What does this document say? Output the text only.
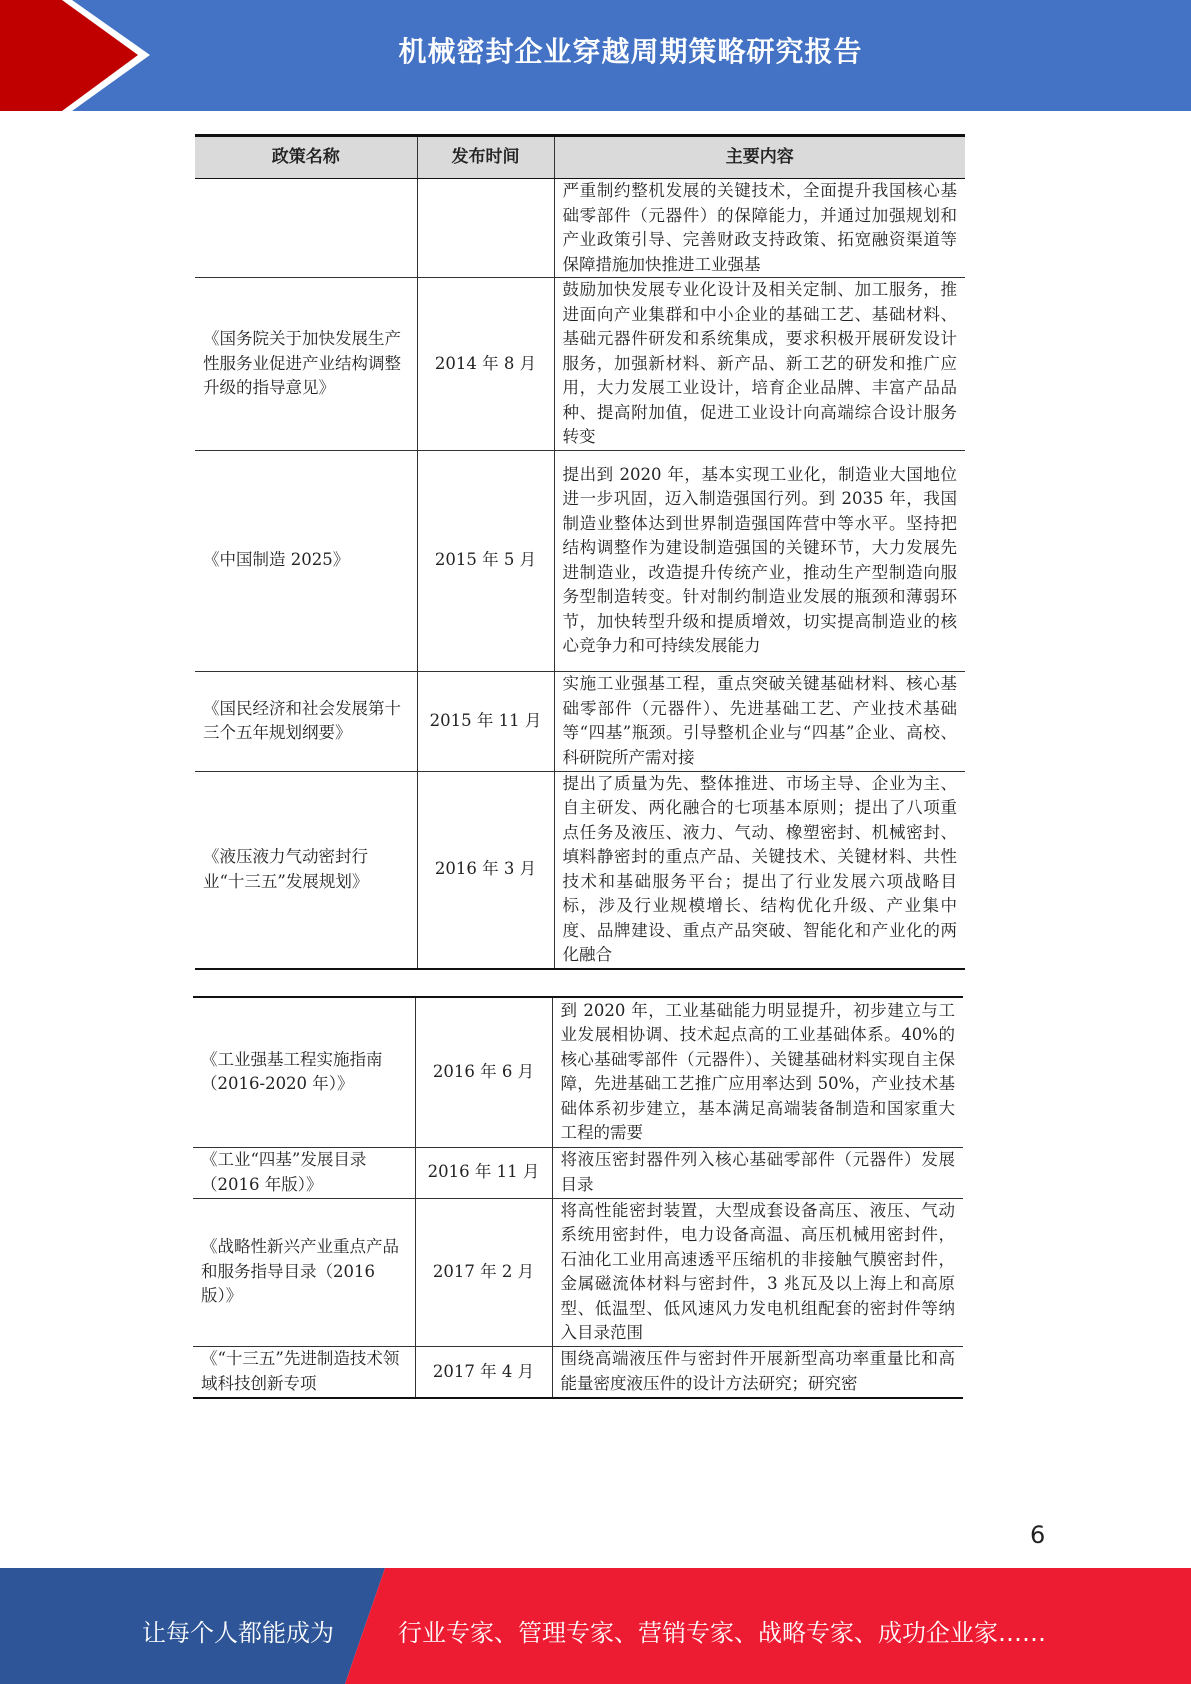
机械密封企业穿越周期策略研究报告
政策名称	发布时间	主要内容
		严重制约整机发展的关键技术，全面提升我国核心基础零部件（元器件）的保障能力，并通过加强规划和产业政策引导、完善财政支持政策、拓宽融资渠道等保障措施加快推进工业强基
《国务院关于加快发展生产性服务业促进产业结构调整升级的指导意见》	2014 年 8 月	鼓励加快发展专业化设计及相关定制、加工服务，推进面向产业集群和中小企业的基础工艺、基础材料、基础元器件研发和系统集成，要求积极开展研发设计服务，加强新材料、新产品、新工艺的研发和推广应用，大力发展工业设计，培育企业品牌、丰富产品品种、提高附加值，促进工业设计向高端综合设计服务转变
《中国制造 2025》	2015 年 5 月	提出到 2020 年，基本实现工业化，制造业大国地位进一步巩固，迈入制造强国行列。到 2035 年，我国制造业整体达到世界制造强国阵营中等水平。坚持把结构调整作为建设制造强国的关键环节，大力发展先进制造业，改造提升传统产业，推动生产型制造向服务型制造转变。针对制约制造业发展的瓶颈和薄弱环节，加快转型升级和提质增效，切实提高制造业的核心竞争力和可持续发展能力
《国民经济和社会发展第十三个五年规划纲要》	2015 年 11 月	实施工业强基工程，重点突破关键基础材料、核心基础零部件（元器件）、先进基础工艺、产业技术基础等“四基”瓶颈。引导整机企业与“四基”企业、高校、科研院所产需对接
《液压液力气动密封行业“十三五”发展规划》	2016 年 3 月	提出了质量为先、整体推进、市场主导、企业为主、自主研发、两化融合的七项基本原则；提出了八项重点任务及液压、液力、气动、橡塑密封、机械密封、填料静密封的重点产品、关键技术、关键材料、共性技术和基础服务平台；提出了行业发展六项战略目标，涉及行业规模增长、结构优化升级、产业集中度、品牌建设、重点产品突破、智能化和产业化的两化融合
《工业强基工程实施指南（2016-2020 年）》	2016 年 6 月	到 2020 年，工业基础能力明显提升，初步建立与工业发展相协调、技术起点高的工业基础体系。40%的核心基础零部件（元器件）、关键基础材料实现自主保障，先进基础工艺推广应用率达到 50%，产业技术基础体系初步建立，基本满足高端装备制造和国家重大工程的需要
《工业“四基”发展目录（2016 年版）》	2016 年 11 月	将液压密封器件列入核心基础零部件（元器件）发展目录
《战略性新兴产业重点产品和服务指导目录（2016 版）》	2017 年 2 月	将高性能密封装置，大型成套设备高压、液压、气动系统用密封件，电力设备高温、高压机械用密封件，石油化工业用高速透平压缩机的非接触气膜密封件，金属磁流体材料与密封件，3 兆瓦及以上海上和高原型、低温型、低风速风力发电机组配套的密封件等纳入目录范围
《“十三五”先进制造技术领域科技创新专项	2017 年 4 月	围绕高端液压件与密封件开展新型高功率重量比和高能量密度液压件的设计方法研究；研究密
6
让每个人都能成为	行业专家、管理专家、营销专家、战略专家、成功企业家……
